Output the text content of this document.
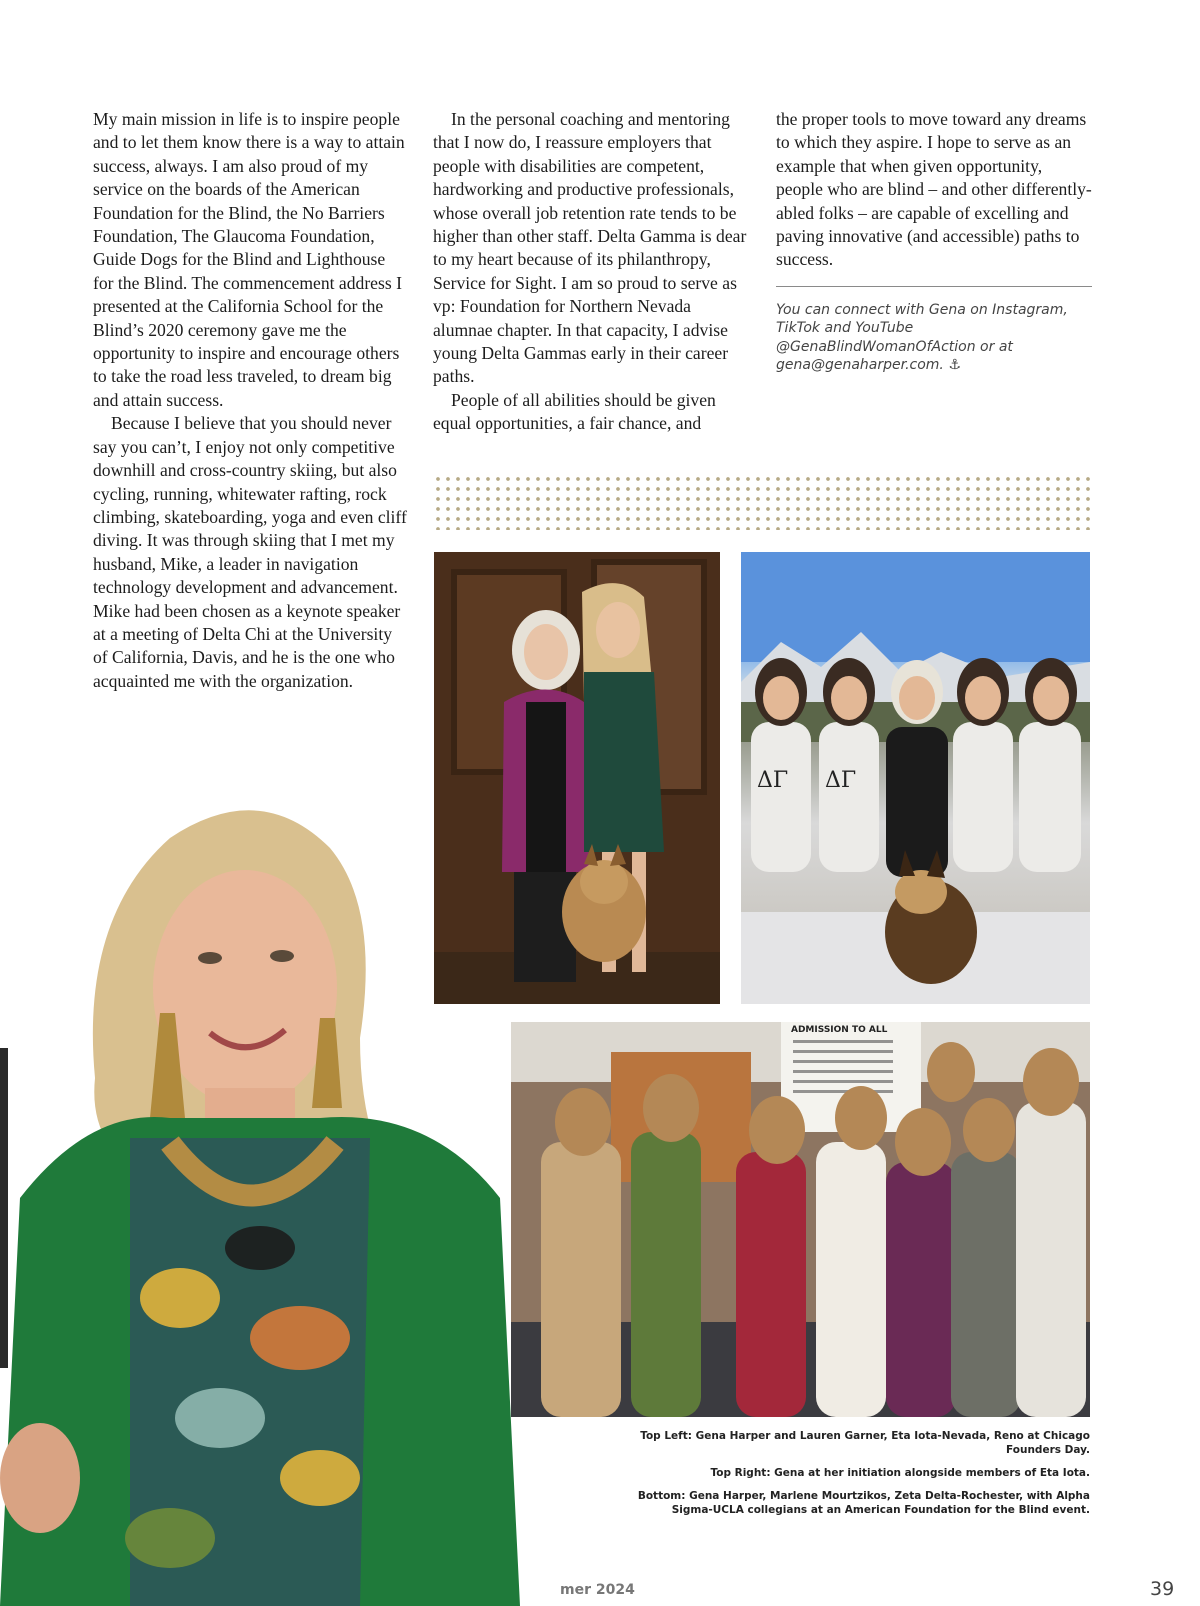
My main mission in life is to inspire people and to let them know there is a way to attain success, always. I am also proud of my service on the boards of the American Foundation for the Blind, the No Barriers Foundation, The Glaucoma Foundation, Guide Dogs for the Blind and Lighthouse for the Blind. The commencement address I presented at the California School for the Blind’s 2020 ceremony gave me the opportunity to inspire and encourage others to take the road less traveled, to dream big and attain success.

Because I believe that you should never say you can’t, I enjoy not only competitive downhill and cross-country skiing, but also cycling, running, whitewater rafting, rock climbing, skateboarding, yoga and even cliff diving. It was through skiing that I met my husband, Mike, a leader in navigation technology development and advancement. Mike had been chosen as a keynote speaker at a meeting of Delta Chi at the University of California, Davis, and he is the one who acquainted me with the organization.

In the personal coaching and mentoring that I now do, I reassure employers that people with disabilities are competent, hardworking and productive professionals, whose overall job retention rate tends to be higher than other staff. Delta Gamma is dear to my heart because of its philanthropy, Service for Sight. I am so proud to serve as vp: Foundation for Northern Nevada alumnae chapter. In that capacity, I advise young Delta Gammas early in their career paths.

People of all abilities should be given equal opportunities, a fair chance, and

the proper tools to move toward any dreams to which they aspire. I hope to serve as an example that when given opportunity, people who are blind – and other differently-abled folks – are capable of excelling and paving innovative (and accessible) paths to success.

You can connect with Gena on Instagram, TikTok and YouTube @GenaBlindWomanOfAction or at gena@genaharper.com. ⚓
ΔΓ ΔΓ
ADMISSION TO ALL

Top Left: Gena Harper and Lauren Garner, Eta Iota-Nevada, Reno at Chicago Founders Day.

Top Right: Gena at her initiation alongside members of Eta Iota.

Bottom: Gena Harper, Marlene Mourtzikos, Zeta Delta-Rochester, with Alpha Sigma-UCLA collegians at an American Foundation for the Blind event.

mer 2024	39
